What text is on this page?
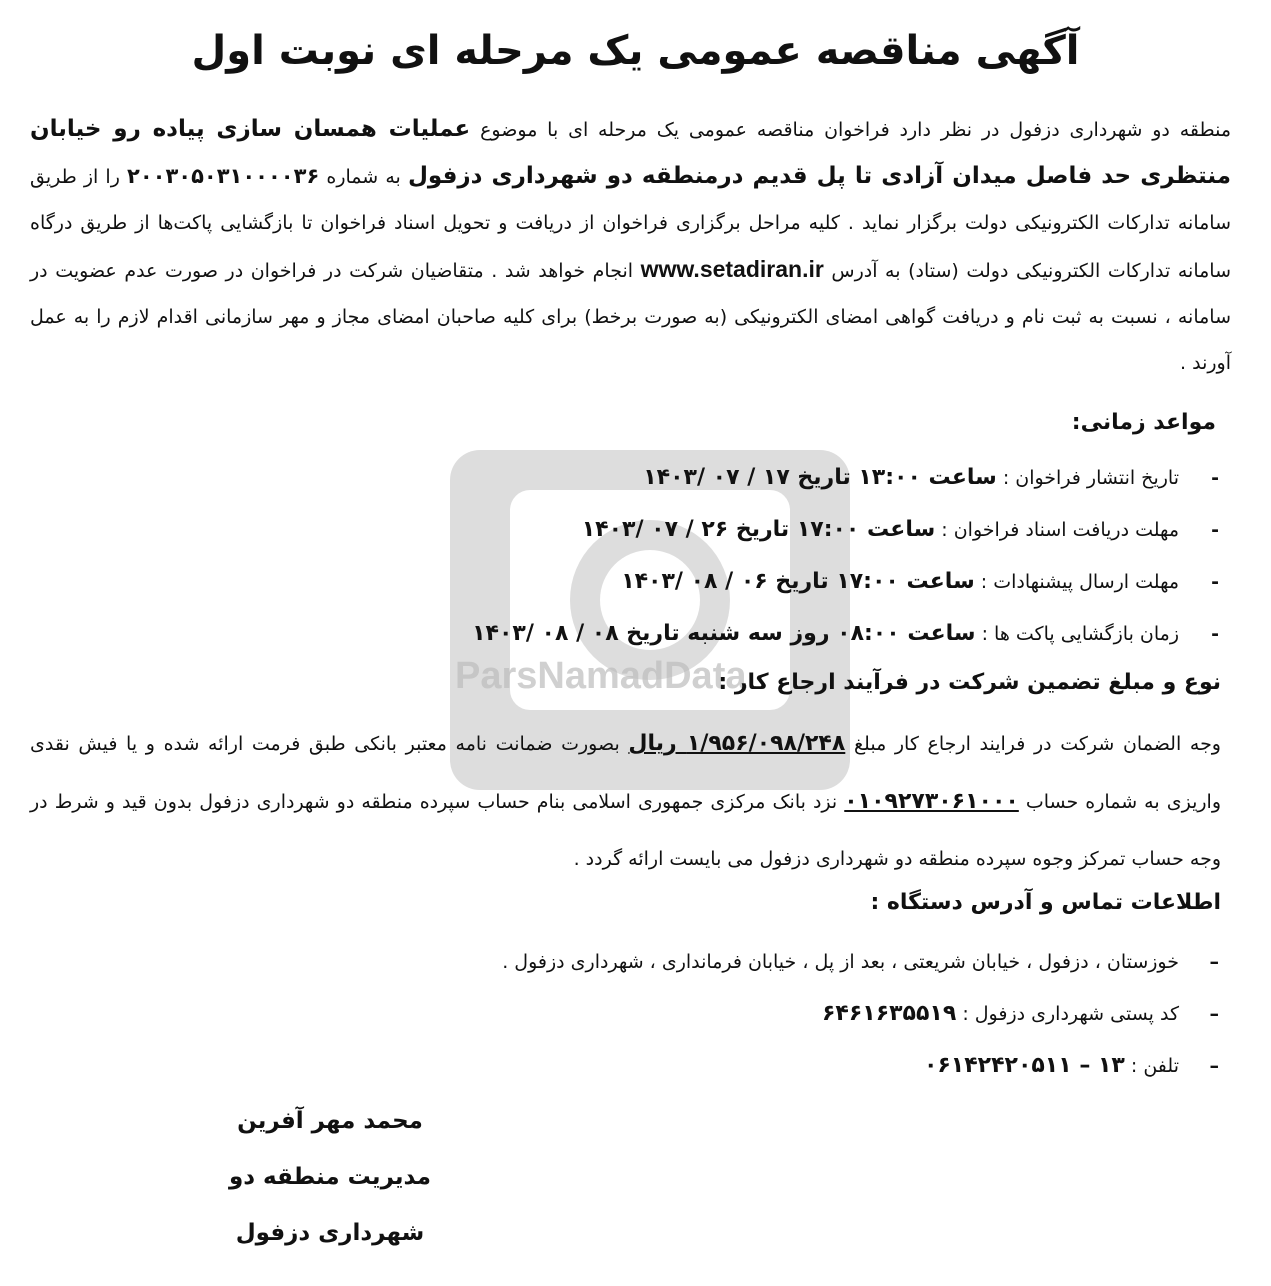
ParsNamadData
آگهی مناقصه عمومی یک مرحله ای نوبت اول
منطقه دو شهرداری دزفول در نظر دارد فراخوان مناقصه عمومی یک مرحله ای با موضوع عملیات همسان سازی پیاده رو خیابان منتظری حد فاصل میدان آزادی تا پل قدیم درمنطقه دو شهرداری دزفول به شماره ۲۰۰۳۰۵۰۳۱۰۰۰۰۳۶ را از طریق سامانه تدارکات الکترونیکی دولت برگزار نماید . کلیه مراحل برگزاری فراخوان از دریافت و تحویل اسناد فراخوان تا بازگشایی پاکت‌ها از طریق درگاه سامانه تدارکات الکترونیکی دولت (ستاد) به آدرس www.setadiran.ir انجام خواهد شد . متقاضیان شرکت در فراخوان در صورت عدم عضویت در سامانه ، نسبت به ثبت نام و دریافت گواهی امضای الکترونیکی (به صورت برخط) برای کلیه صاحبان امضای مجاز و مهر سازمانی اقدام لازم را به عمل آورند .
مواعد زمانی:
-
تاریخ انتشار فراخوان : ساعت ۱۳:۰۰ تاریخ ۱۷ / ۰۷ /۱۴۰۳
-
مهلت دریافت اسناد فراخوان : ساعت ۱۷:۰۰ تاریخ ۲۶ / ۰۷ /۱۴۰۳
-
مهلت ارسال پیشنهادات : ساعت ۱۷:۰۰ تاریخ ۰۶ / ۰۸ /۱۴۰۳
-
زمان بازگشایی پاکت ها : ساعت ۰۸:۰۰ روز سه شنبه تاریخ ۰۸ / ۰۸ /۱۴۰۳
نوع و مبلغ تضمین شرکت در فرآیند ارجاع کار :
وجه الضمان شرکت در فرایند ارجاع کار مبلغ ۱/۹۵۶/۰۹۸/۲۴۸ ریال بصورت ضمانت نامه معتبر بانکی طبق فرمت ارائه شده و یا فیش نقدی واریزی به شماره حساب ۰۱۰۹۲۷۳۰۶۱۰۰۰ نزد بانک مرکزی جمهوری اسلامی بنام حساب سپرده منطقه دو شهرداری دزفول بدون قید و شرط در وجه حساب تمرکز وجوه سپرده منطقه دو شهرداری دزفول می بایست ارائه گردد .
اطلاعات تماس و آدرس دستگاه :
–
خوزستان ، دزفول ، خیابان شریعتی ، بعد از پل ، خیابان فرمانداری ، شهرداری دزفول .
–
کد پستی شهرداری دزفول : ۶۴۶۱۶۳۵۵۱۹
–
تلفن : ۱۳ – ۰۶۱۴۲۴۲۰۵۱۱
محمد مهر آفرین
مدیریت منطقه دو
شهرداری دزفول
